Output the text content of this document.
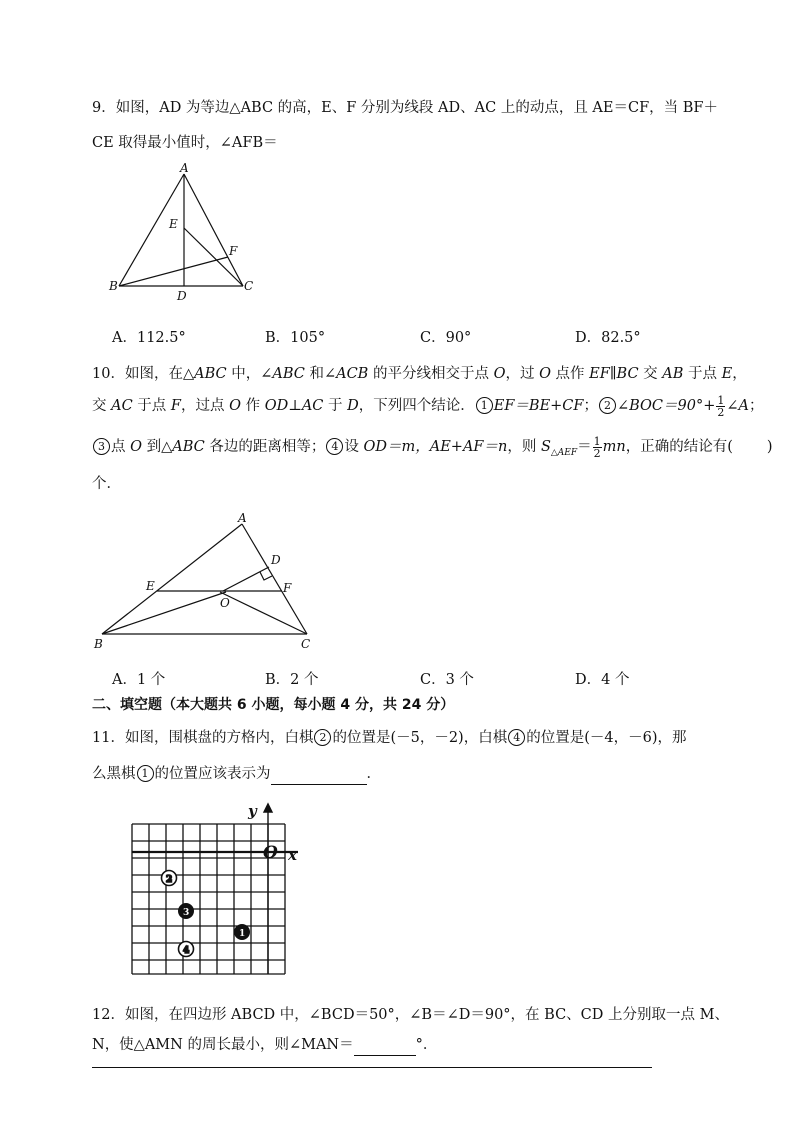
9．如图，AD 为等边△ABC 的高，E、F 分别为线段 AD、AC 上的动点，且 AE＝CF，当 BF＋
CE 取得最小值时，∠AFB＝
A
E
F
B
D
C
A．112.5°	B．105°	C．90°	D．82.5°
10．如图，在△ABC 中，∠ABC 和∠ACB 的平分线相交于点 O，过 O 点作 EF∥BC 交 AB 于点 E，
交 AC 于点 F，过点 O 作 OD⊥AC 于 D，下列四个结论． 1 EF＝BE+CF； 2 ∠BOC＝90°+ $\frac{1}{2}$ ∠A；
3 点 O 到△ABC 各边的距离相等； 4 设 OD＝m，AE+AF＝n，则 $S_{\triangle AEF}= \frac{1}{2}$ mn，正确的结论有( )
个．
A
D
E	F
O
B	C
A．1 个	B．2 个	C．3 个	D．4 个
二、填空题（本大题共 6 小题，每小题 4 分，共 24 分）
11．如图，围棋盘的方格内，白棋 2 的位置是(－5，－2)，白棋 4 的位置是(－4，－6)，那
么黑棋 1 的位置应该表示为	．
y
O x
2
3
1
4
12．如图，在四边形 ABCD 中，∠BCD＝50°，∠B＝∠D＝90°，在 BC、CD 上分别取一点 M、
N，使△AMN 的周长最小，则∠MAN＝	°．
